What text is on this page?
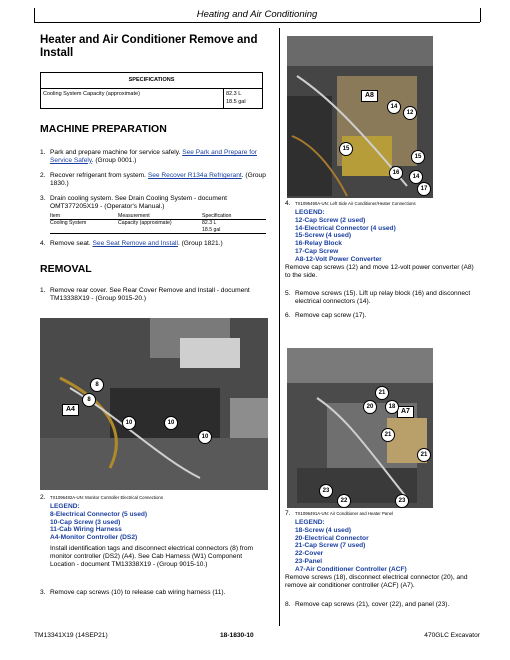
Heating and Air Conditioning
Heater and Air Conditioner Remove and
Install
SPECIFICATIONS
Cooling System Capacity (approximate)	82.3 L
18.5 gal
MACHINE PREPARATION
1. Park and prepare machine for service safely. See Park and Prepare for Service Safely. (Group 0001.)
2. Recover refrigerant from system. See Recover R134a Refrigerant. (Group 1830.)
3. Drain cooling system. See Drain Cooling System - document OMT377205X19 - (Operator's Manual.)
Item	Measurement	Specification
Cooling System	Capacity (approximate)	82.3 L
18.5 gal
4. Remove seat. See Seat Remove and Install. (Group 1821.)
REMOVAL
1. Remove rear cover. See Rear Cover Remove and Install - document TM13338X19 - (Group 9015-20.)
A4
8
8
10	10
10
2. TX1096482A-UN: Monitor Controller Electrical Connections
LEGEND:
8-Electrical Connector (5 used)
10-Cap Screw (3 used)
11-Cab Wiring Harness
A4-Monitor Controller (DS2)
Install identification tags and disconnect electrical connectors (8) from monitor controller (DS2) (A4). See Cab Harness (W1) Component Location - document TM13338X19 - (Group 9015-10.)
3. Remove cap screws (10) to release cab wiring harness (11).
A8
14
12
15
15
16
14
17
4. TX1096490A-UN: Left Side Air Conditioner/Heater Connections
LEGEND:
12-Cap Screw (2 used)
14-Electrical Connector (4 used)
15-Screw (4 used)
16-Relay Block
17-Cap Screw
A8-12-Volt Power Converter
Remove cap screws (12) and move 12-volt power converter (A8) to the side.
5. Remove screws (15). Lift up relay block (16) and disconnect electrical connectors (14).
6. Remove cap screw (17).
A7
21
20	18
21
21
23
22	23
7. TX1096491A-UN: Air Conditioner and Heater Panel
LEGEND:
18-Screw (4 used)
20-Electrical Connector
21-Cap Screw (7 used)
22-Cover
23-Panel
A7-Air Conditioner Controller (ACF)
Remove screws (18), disconnect electrical connector (20), and remove air conditioner controller (ACF) (A7).
8. Remove cap screws (21), cover (22), and panel (23).
TM13341X19 (14SEP21)	18-1830-10	470GLC Excavator
